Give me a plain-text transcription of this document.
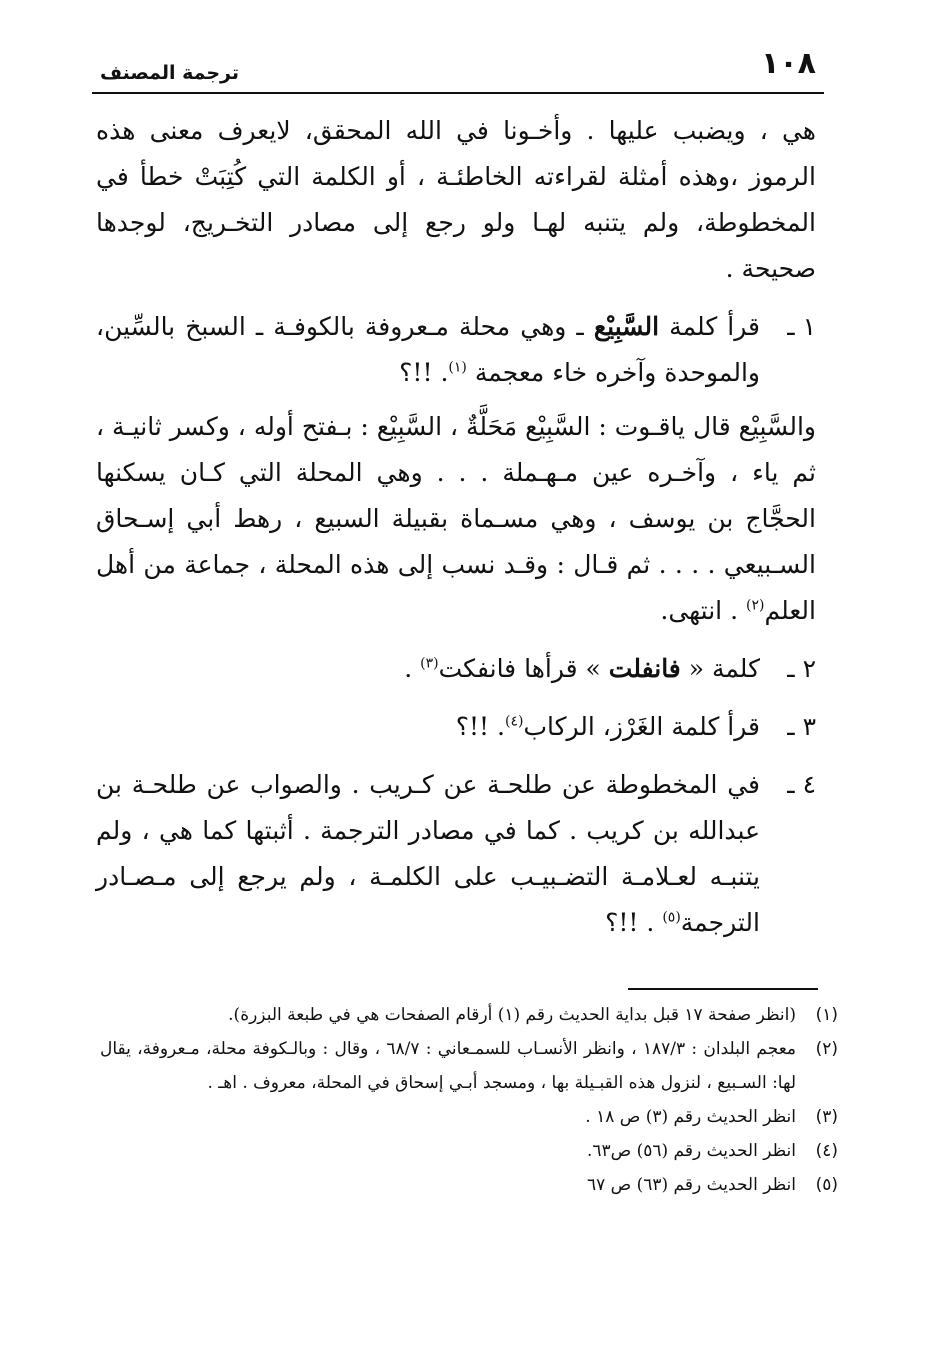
١٠٨
ترجمة المصنف

هي ، ويضبب عليها . وأخـونا في الله المحقق، لايعرف معنى هذه الرموز ،وهذه أمثلة لقراءته الخاطئـة ، أو الكلمة التي كُتِبَتْ خطأ في المخطوطة، ولم يتنبه لهـا ولو رجع إلى مصادر التخـريج، لوجدها صحيحة .

١ ـ
قرأ كلمة السَّبِيْع ـ وهي محلة مـعروفة بالكوفـة ـ السبخ بالسِّين، والموحدة وآخره خاء معجمة $^{(١)}$. !!؟

والسَّبِيْع قال ياقـوت : السَّبِيْع مَحَلَّةٌ ، السَّبِيْع : بـفتح أوله ، وكسر ثانيـة ، ثم ياء ، وآخـره عين مـهـملة . . . وهي المحلة التي كـان يسكنها الحجَّاج بن يوسف ، وهي مسـماة بقبيلة السبيع ، رهط أبي إسـحاق السـبيعي . . . . ثم قـال : وقـد نسب إلى هذه المحلة ، جماعة من أهل العلم$^{(٢)}$ . انتهى.

٢ ـ
كلمة « فانفلت » قرأها فانفكت$^{(٣)}$ .

٣ ـ
قرأ كلمة الغَرْز، الركاب$^{(٤)}$. !!؟

٤ ـ
في المخطوطة عن طلحـة عن كـريب . والصواب عن طلحـة بن عبدالله بن كريب . كما في مصادر الترجمة . أثبتها كما هي ، ولم يتنبـه لعـلامـة التضـبيـب على الكلمـة ، ولم يرجع إلى مـصـادر الترجمة$^{(٥)}$ . !!؟

(١)
(انظر صفحة ١٧ قبل بداية الحديث رقم (١) أرقام الصفحات هي في طبعة البزرة).

(٢)
معجم البلدان : ١٨٧/٣ ، وانظر الأنسـاب للسمـعاني : ٦٨/٧ ، وقال : وبالـكوفة محلة، مـعروفة، يقال لها: السـبيع ، لنزول هذه القبـيلة بها ، ومسجد أبـي إسحاق في المحلة، معروف . اهـ .

(٣)
انظر الحديث رقم (٣) ص ١٨ .

(٤)
انظر الحديث رقم (٥٦) ص٦٣.

(٥)
انظر الحديث رقم (٦٣) ص ٦٧
